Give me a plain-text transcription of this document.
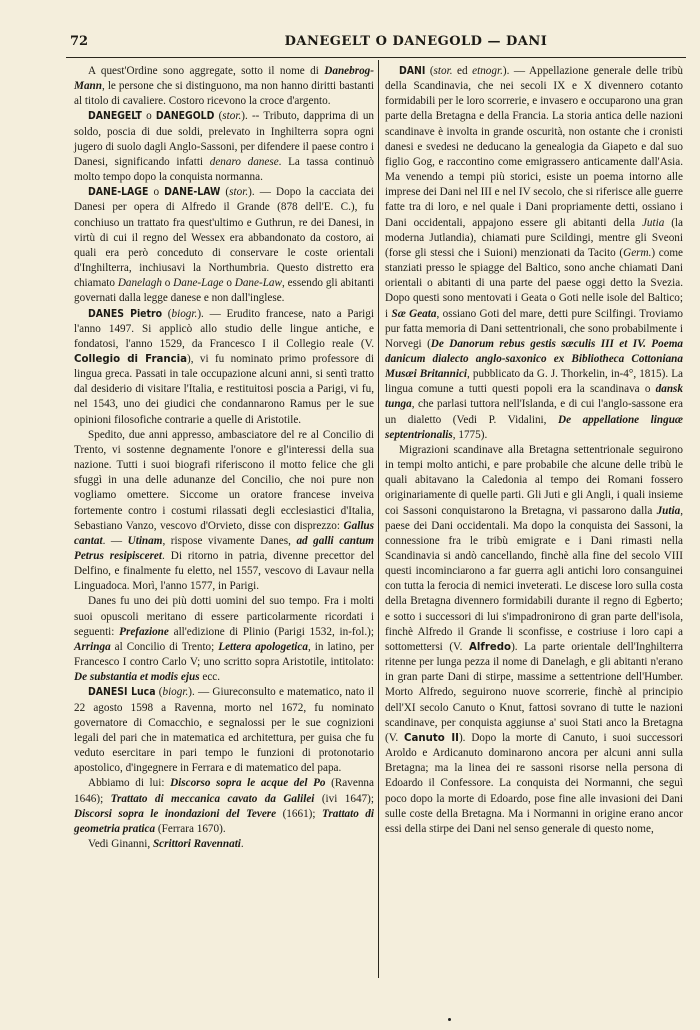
72	DANEGELT O DANEGOLD — DANI

A quest'Ordine sono aggregate, sotto il nome di Danebrog-Mann, le persone che si distinguono, ma non hanno diritti bastanti al titolo di cavaliere. Costoro ricevono la croce d'argento.

DANEGELT o DANEGOLD (stor.). -- Tributo, dapprima di un soldo, poscia di due soldi, prelevato in Inghilterra sopra ogni jugero di suolo dagli Anglo-Sassoni, per difendere il paese contro i Danesi, significando infatti denaro danese. La tassa continuò molto tempo dopo la conquista normanna.

DANE-LAGE o DANE-LAW (stor.). — Dopo la cacciata dei Danesi per opera di Alfredo il Grande (878 dell'E. C.), fu conchiuso un trattato fra quest'ultimo e Guthrun, re dei Danesi, in virtù di cui il regno del Wessex era abbandonato da costoro, ai quali era però conceduto di conservare le coste orientali d'Inghilterra, inchiusavi la Northumbria. Questo distretto era chiamato Danelagh o Dane-Lage o Dane-Law, essendo gli abitanti governati dalla legge danese e non dall'inglese.

DANES Pietro (biogr.). — Erudito francese, nato a Parigi l'anno 1497. Si applicò allo studio delle lingue antiche, e fondatosi, l'anno 1529, da Francesco I il Collegio reale (V. Collegio di Francia), vi fu nominato primo professore di lingua greca. Passati in tale occupazione alcuni anni, si sentì tratto dal desiderio di visitare l'Italia, e restituitosi poscia a Parigi, vi fu, nel 1543, uno dei giudici che condannarono Ramus per le sue opinioni filosofiche contrarie a quelle di Aristotile.

Spedito, due anni appresso, ambasciatore del re al Concilio di Trento, vi sostenne degnamente l'onore e gl'interessi della sua nazione. Tutti i suoi biografi riferiscono il motto felice che gli sfuggì in una delle adunanze del Concilio, che noi pure non vogliamo omettere. Siccome un oratore francese inveiva fortemente contro i costumi rilassati degli ecclesiastici d'Italia, Sebastiano Vanzo, vescovo d'Orvieto, disse con disprezzo: Gallus cantat. — Utinam, rispose vivamente Danes, ad galli cantum Petrus resipisceret. Di ritorno in patria, divenne precettor del Delfino, e finalmente fu eletto, nel 1557, vescovo di Lavaur nella Linguadoca. Morì, l'anno 1577, in Parigi.

Danes fu uno dei più dotti uomini del suo tempo. Fra i molti suoi opuscoli meritano di essere particolarmente ricordati i seguenti: Prefazione all'edizione di Plinio (Parigi 1532, in-fol.); Arringa al Concilio di Trento; Lettera apologetica, in latino, per Francesco I contro Carlo V; uno scritto sopra Aristotile, intitolato: De substantia et modis ejus ecc.

DANESI Luca (biogr.). — Giureconsulto e matematico, nato il 22 agosto 1598 a Ravenna, morto nel 1672, fu nominato governatore di Comacchio, e segnalossi per le sue cognizioni legali del pari che in matematica ed architettura, per guisa che fu veduto esercitare in pari tempo le funzioni di protonotario apostolico, d'ingegnere in Ferrara e di matematico del papa.

Abbiamo di lui: Discorso sopra le acque del Po (Ravenna 1646); Trattato di meccanica cavato da Galilei (ivi 1647); Discorsi sopra le inondazioni del Tevere (1661); Trattato di geometria pratica (Ferrara 1670).

Vedi Ginanni, Scrittori Ravennati.

DANI (stor. ed etnogr.). — Appellazione generale delle tribù della Scandinavia, che nei secoli IX e X divennero cotanto formidabili per le loro scorrerie, e invasero e occuparono una gran parte della Bretagna e della Francia. La storia antica delle nazioni scandinave è involta in grande oscurità, non ostante che i cronisti danesi e svedesi ne deducano la genealogia da Giapeto e dal suo figlio Gog, e raccontino come emigrassero anticamente dall'Asia. Ma venendo a tempi più storici, esiste un poema intorno alle imprese dei Dani nel III e nel IV secolo, che si riferisce alle guerre fatte tra di loro, e nel quale i Dani propriamente detti, ossiano i Dani occidentali, appajono essere gli abitanti della Jutia (la moderna Jutlandia), chiamati pure Scildingi, mentre gli Sveoni (forse gli stessi che i Suioni) menzionati da Tacito (Germ.) come stanziati presso le spiagge del Baltico, sono anche chiamati Dani orientali o abitanti di una parte del paese oggi detto la Svezia. Dopo questi sono mentovati i Geata o Goti nelle isole del Baltico; i Sæ Geata, ossiano Goti del mare, detti pure Scilfingi. Troviamo pur fatta memoria di Dani settentrionali, che sono probabilmente i Norvegi (De Danorum rebus gestis sæculis III et IV. Poema danicum dialecto anglo-saxonico ex Bibliotheca Cottoniana Musæi Britannici, pubblicato da G. J. Thorkelin, in-4°, 1815). La lingua comune a tutti questi popoli era la scandinava o dansk tunga, che parlasi tuttora nell'Islanda, e di cui l'anglo-sassone era un dialetto (Vedi P. Vidalini, De appellatione linguæ septentrionalis, 1775).

Migrazioni scandinave alla Bretagna settentrionale seguirono in tempi molto antichi, e pare probabile che alcune delle tribù le quali abitavano la Caledonia al tempo dei Romani fossero originariamente di quelle parti. Gli Juti e gli Angli, i quali insieme coi Sassoni conquistarono la Bretagna, vi passarono dalla Jutia, paese dei Dani occidentali. Ma dopo la conquista dei Sassoni, la connessione fra le tribù emigrate e i Dani rimasti nella Scandinavia si andò cancellando, finchè alla fine del secolo VIII questi incominciarono a far guerra agli antichi loro consanguinei con tutta la ferocia di nemici inveterati. Le discese loro sulla costa della Bretagna divennero formidabili durante il regno di Egberto; e sotto i successori di lui s'impadronirono di gran parte dell'isola, finchè Alfredo il Grande li sconfisse, e costriuse i loro capi a sottomettersi (V. Alfredo). La parte orientale dell'Inghilterra ritenne per lunga pezza il nome di Danelagh, e gli abitanti n'erano in gran parte Dani di stirpe, massime a settentrione dell'Humber. Morto Alfredo, seguirono nuove scorrerie, finchè al principio dell'XI secolo Canuto o Knut, fattosi sovrano di tutte le nazioni scandinave, per conquista aggiunse a' suoi Stati anco la Bretagna (V. Canuto II). Dopo la morte di Canuto, i suoi successori Aroldo e Ardicanuto dominarono ancora per alcuni anni sulla Bretagna; ma la linea dei re sassoni risorse nella persona di Edoardo il Confessore. La conquista dei Normanni, che seguì poco dopo la morte di Edoardo, pose fine alle invasioni dei Dani sulle coste della Bretagna. Ma i Normanni in origine erano ancor essi della stirpe dei Dani nel senso generale di questo nome,
